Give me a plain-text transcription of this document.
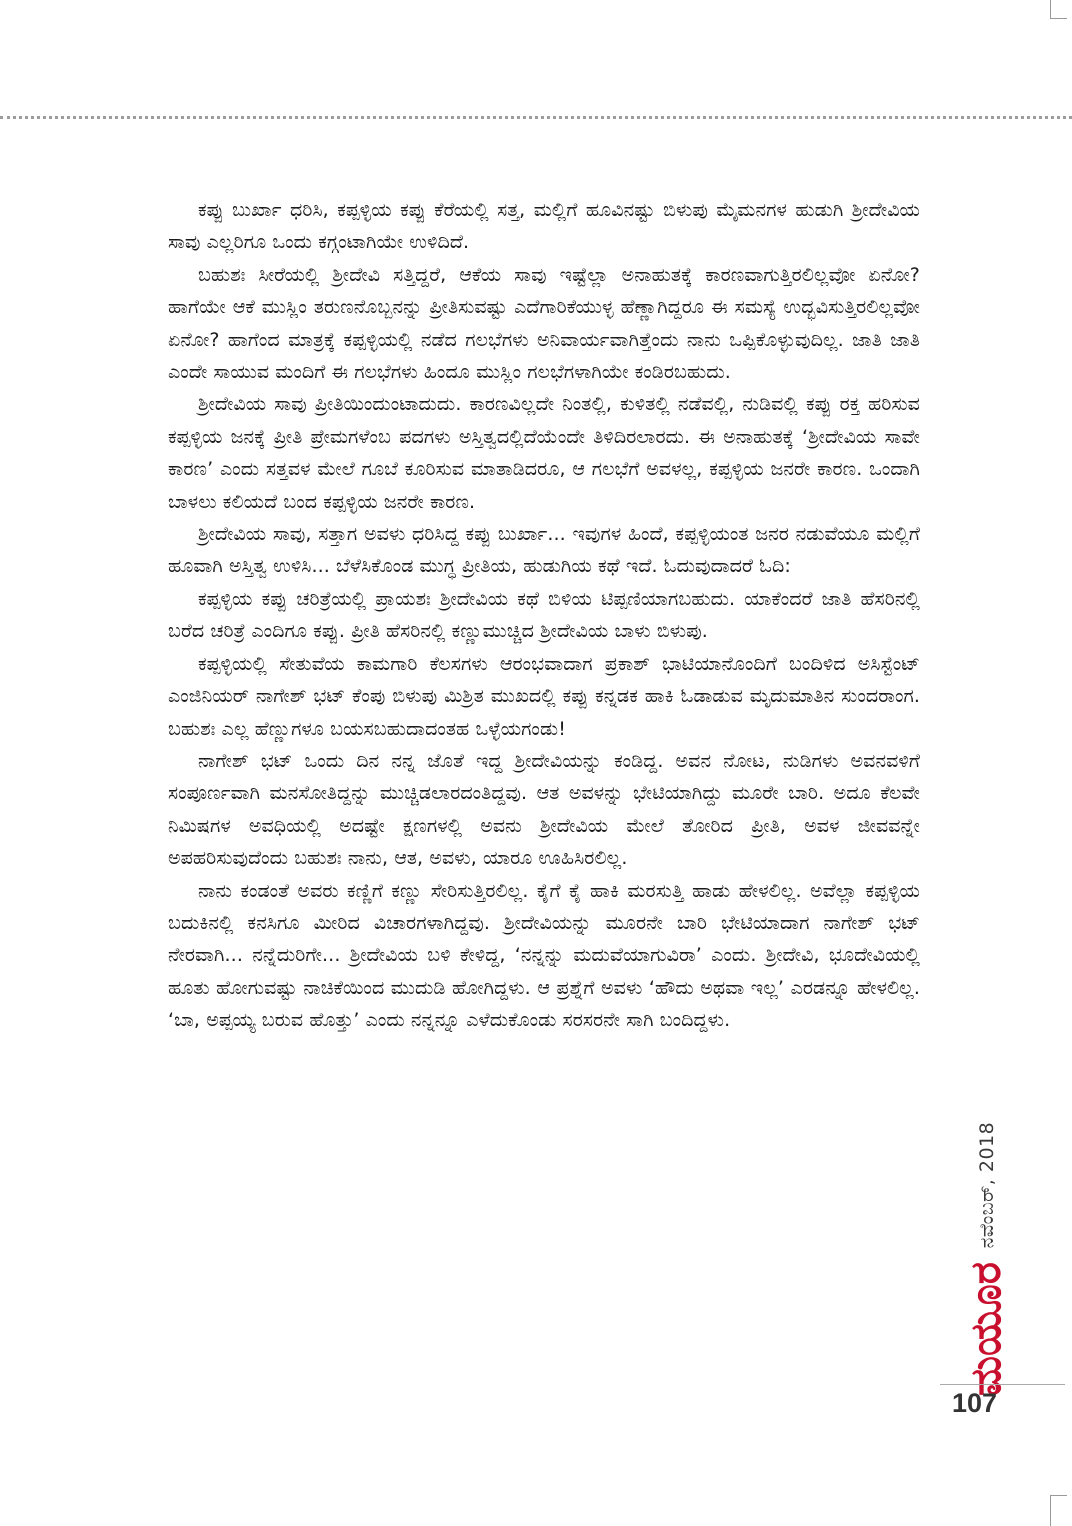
ಕಪ್ಪು ಬುರ್ಖಾ ಧರಿಸಿ, ಕಪ್ಪಳ್ಳಿಯ ಕಪ್ಪು ಕೆರೆಯಲ್ಲಿ ಸತ್ತ, ಮಲ್ಲಿಗೆ ಹೂವಿನಷ್ಟು ಬಿಳುಪು ಮೈಮನಗಳ ಹುಡುಗಿ ಶ್ರೀದೇವಿಯ ಸಾವು ಎಲ್ಲರಿಗೂ ಒಂದು ಕಗ್ಗಂಟಾಗಿಯೇ ಉಳಿದಿದೆ.

ಬಹುಶಃ ಸೀರೆಯಲ್ಲಿ ಶ್ರೀದೇವಿ ಸತ್ತಿದ್ದರೆ, ಆಕೆಯ ಸಾವು ಇಷ್ಟೆಲ್ಲಾ ಅನಾಹುತಕ್ಕೆ ಕಾರಣವಾಗುತ್ತಿರಲಿಲ್ಲವೋ ಏನೋ? ಹಾಗೆಯೇ ಆಕೆ ಮುಸ್ಲಿಂ ತರುಣನೊಬ್ಬನನ್ನು ಪ್ರೀತಿಸುವಷ್ಟು ಎದೆಗಾರಿಕೆಯುಳ್ಳ ಹೆಣ್ಣಾಗಿದ್ದರೂ ಈ ಸಮಸ್ಯೆ ಉದ್ಭವಿಸುತ್ತಿರಲಿಲ್ಲವೋ ಏನೋ? ಹಾಗೆಂದ ಮಾತ್ರಕ್ಕೆ ಕಪ್ಪಳ್ಳಿಯಲ್ಲಿ ನಡೆದ ಗಲಭೆಗಳು ಅನಿವಾರ್ಯವಾಗಿತ್ತೆಂದು ನಾನು ಒಪ್ಪಿಕೊಳ್ಳುವುದಿಲ್ಲ. ಜಾತಿ ಜಾತಿ ಎಂದೇ ಸಾಯುವ ಮಂದಿಗೆ ಈ ಗಲಭೆಗಳು ಹಿಂದೂ ಮುಸ್ಲಿಂ ಗಲಭೆಗಳಾಗಿಯೇ ಕಂಡಿರಬಹುದು.

ಶ್ರೀದೇವಿಯ ಸಾವು ಪ್ರೀತಿಯಿಂದುಂಟಾದುದು. ಕಾರಣವಿಲ್ಲದೇ ನಿಂತಲ್ಲಿ, ಕುಳಿತಲ್ಲಿ ನಡೆವಲ್ಲಿ, ನುಡಿವಲ್ಲಿ ಕಪ್ಪು ರಕ್ತ ಹರಿಸುವ ಕಪ್ಪಳ್ಳಿಯ ಜನಕ್ಕೆ ಪ್ರೀತಿ ಪ್ರೇಮಗಳೆಂಬ ಪದಗಳು ಅಸ್ತಿತ್ವದಲ್ಲಿದೆಯೆಂದೇ ತಿಳಿದಿರಲಾರದು. ಈ ಅನಾಹುತಕ್ಕೆ ‘ಶ್ರೀದೇವಿಯ ಸಾವೇ ಕಾರಣ’ ಎಂದು ಸತ್ತವಳ ಮೇಲೆ ಗೂಬೆ ಕೂರಿಸುವ ಮಾತಾಡಿದರೂ, ಆ ಗಲಭೆಗೆ ಅವಳಲ್ಲ, ಕಪ್ಪಳ್ಳಿಯ ಜನರೇ ಕಾರಣ. ಒಂದಾಗಿ ಬಾಳಲು ಕಲಿಯದೆ ಬಂದ ಕಪ್ಪಳ್ಳಿಯ ಜನರೇ ಕಾರಣ.

ಶ್ರೀದೇವಿಯ ಸಾವು, ಸತ್ತಾಗ ಅವಳು ಧರಿಸಿದ್ದ ಕಪ್ಪು ಬುರ್ಖಾ... ಇವುಗಳ ಹಿಂದೆ, ಕಪ್ಪಳ್ಳಿಯಂತ ಜನರ ನಡುವೆಯೂ ಮಲ್ಲಿಗೆ ಹೂವಾಗಿ ಅಸ್ತಿತ್ವ ಉಳಿಸಿ... ಬೆಳೆಸಿಕೊಂಡ ಮುಗ್ಧ ಪ್ರೀತಿಯ, ಹುಡುಗಿಯ ಕಥೆ ಇದೆ. ಓದುವುದಾದರೆ ಓದಿ:

ಕಪ್ಪಳ್ಳಿಯ ಕಪ್ಪು ಚರಿತ್ರೆಯಲ್ಲಿ ಪ್ರಾಯಶಃ ಶ್ರೀದೇವಿಯ ಕಥೆ ಬಿಳಿಯ ಟಿಪ್ಪಣಿಯಾಗಬಹುದು. ಯಾಕೆಂದರೆ ಜಾತಿ ಹೆಸರಿನಲ್ಲಿ ಬರೆದ ಚರಿತ್ರೆ ಎಂದಿಗೂ ಕಪ್ಪು. ಪ್ರೀತಿ ಹೆಸರಿನಲ್ಲಿ ಕಣ್ಣುಮುಚ್ಚಿದ ಶ್ರೀದೇವಿಯ ಬಾಳು ಬಿಳುಪು.

ಕಪ್ಪಳ್ಳಿಯಲ್ಲಿ ಸೇತುವೆಯ ಕಾಮಗಾರಿ ಕೆಲಸಗಳು ಆರಂಭವಾದಾಗ ಪ್ರಕಾಶ್ ಭಾಟಿಯಾನೊಂದಿಗೆ ಬಂದಿಳಿದ ಅಸಿಸ್ಟೆಂಟ್ ಎಂಜಿನಿಯರ್ ನಾಗೇಶ್ ಭಟ್ ಕೆಂಪು ಬಿಳುಪು ಮಿಶ್ರಿತ ಮುಖದಲ್ಲಿ ಕಪ್ಪು ಕನ್ನಡಕ ಹಾಕಿ ಓಡಾಡುವ ಮೃದುಮಾತಿನ ಸುಂದರಾಂಗ. ಬಹುಶಃ ಎಲ್ಲ ಹೆಣ್ಣುಗಳೂ ಬಯಸಬಹುದಾದಂತಹ ಒಳ್ಳೆಯಗಂಡು!

ನಾಗೇಶ್ ಭಟ್ ಒಂದು ದಿನ ನನ್ನ ಜೊತೆ ಇದ್ದ ಶ್ರೀದೇವಿಯನ್ನು ಕಂಡಿದ್ದ. ಅವನ ನೋಟ, ನುಡಿಗಳು ಅವನವಳಿಗೆ ಸಂಪೂರ್ಣವಾಗಿ ಮನಸೋತಿದ್ದನ್ನು ಮುಚ್ಚಿಡಲಾರದಂತಿದ್ದವು. ಆತ ಅವಳನ್ನು ಭೇಟಿಯಾಗಿದ್ದು ಮೂರೇ ಬಾರಿ. ಅದೂ ಕೆಲವೇ ನಿಮಿಷಗಳ ಅವಧಿಯಲ್ಲಿ ಅದಷ್ಟೇ ಕ್ಷಣಗಳಲ್ಲಿ ಅವನು ಶ್ರೀದೇವಿಯ ಮೇಲೆ ತೋರಿದ ಪ್ರೀತಿ, ಅವಳ ಜೀವವನ್ನೇ ಅಪಹರಿಸುವುದೆಂದು ಬಹುಶಃ ನಾನು, ಆತ, ಅವಳು, ಯಾರೂ ಊಹಿಸಿರಲಿಲ್ಲ.

ನಾನು ಕಂಡಂತೆ ಅವರು ಕಣ್ಣಿಗೆ ಕಣ್ಣು ಸೇರಿಸುತ್ತಿರಲಿಲ್ಲ. ಕೈಗೆ ಕೈ ಹಾಕಿ ಮರಸುತ್ತಿ ಹಾಡು ಹೇಳಲಿಲ್ಲ. ಅವೆಲ್ಲಾ ಕಪ್ಪಳ್ಳಿಯ ಬದುಕಿನಲ್ಲಿ ಕನಸಿಗೂ ಮೀರಿದ ವಿಚಾರಗಳಾಗಿದ್ದವು. ಶ್ರೀದೇವಿಯನ್ನು ಮೂರನೇ ಬಾರಿ ಭೇಟಿಯಾದಾಗ ನಾಗೇಶ್ ಭಟ್ ನೇರವಾಗಿ... ನನ್ನೆದುರಿಗೇ... ಶ್ರೀದೇವಿಯ ಬಳಿ ಕೇಳಿದ್ದ, ‘ನನ್ನನ್ನು ಮದುವೆಯಾಗುವಿರಾ’ ಎಂದು. ಶ್ರೀದೇವಿ, ಭೂದೇವಿಯಲ್ಲಿ ಹೂತು ಹೋಗುವಷ್ಟು ನಾಚಿಕೆಯಿಂದ ಮುದುಡಿ ಹೋಗಿದ್ದಳು. ಆ ಪ್ರಶ್ನೆಗೆ ಅವಳು ‘ಹೌದು ಅಥವಾ ಇಲ್ಲ’ ಎರಡನ್ನೂ ಹೇಳಲಿಲ್ಲ. ‘ಬಾ, ಅಪ್ಪಯ್ಯ ಬರುವ ಹೊತ್ತು’ ಎಂದು ನನ್ನನ್ನೂ ಎಳೆದುಕೊಂಡು ಸರಸರನೇ ಸಾಗಿ ಬಂದಿದ್ದಳು.

ನವೆಂಬರ್, 2018
ಮಯೂರ
107
